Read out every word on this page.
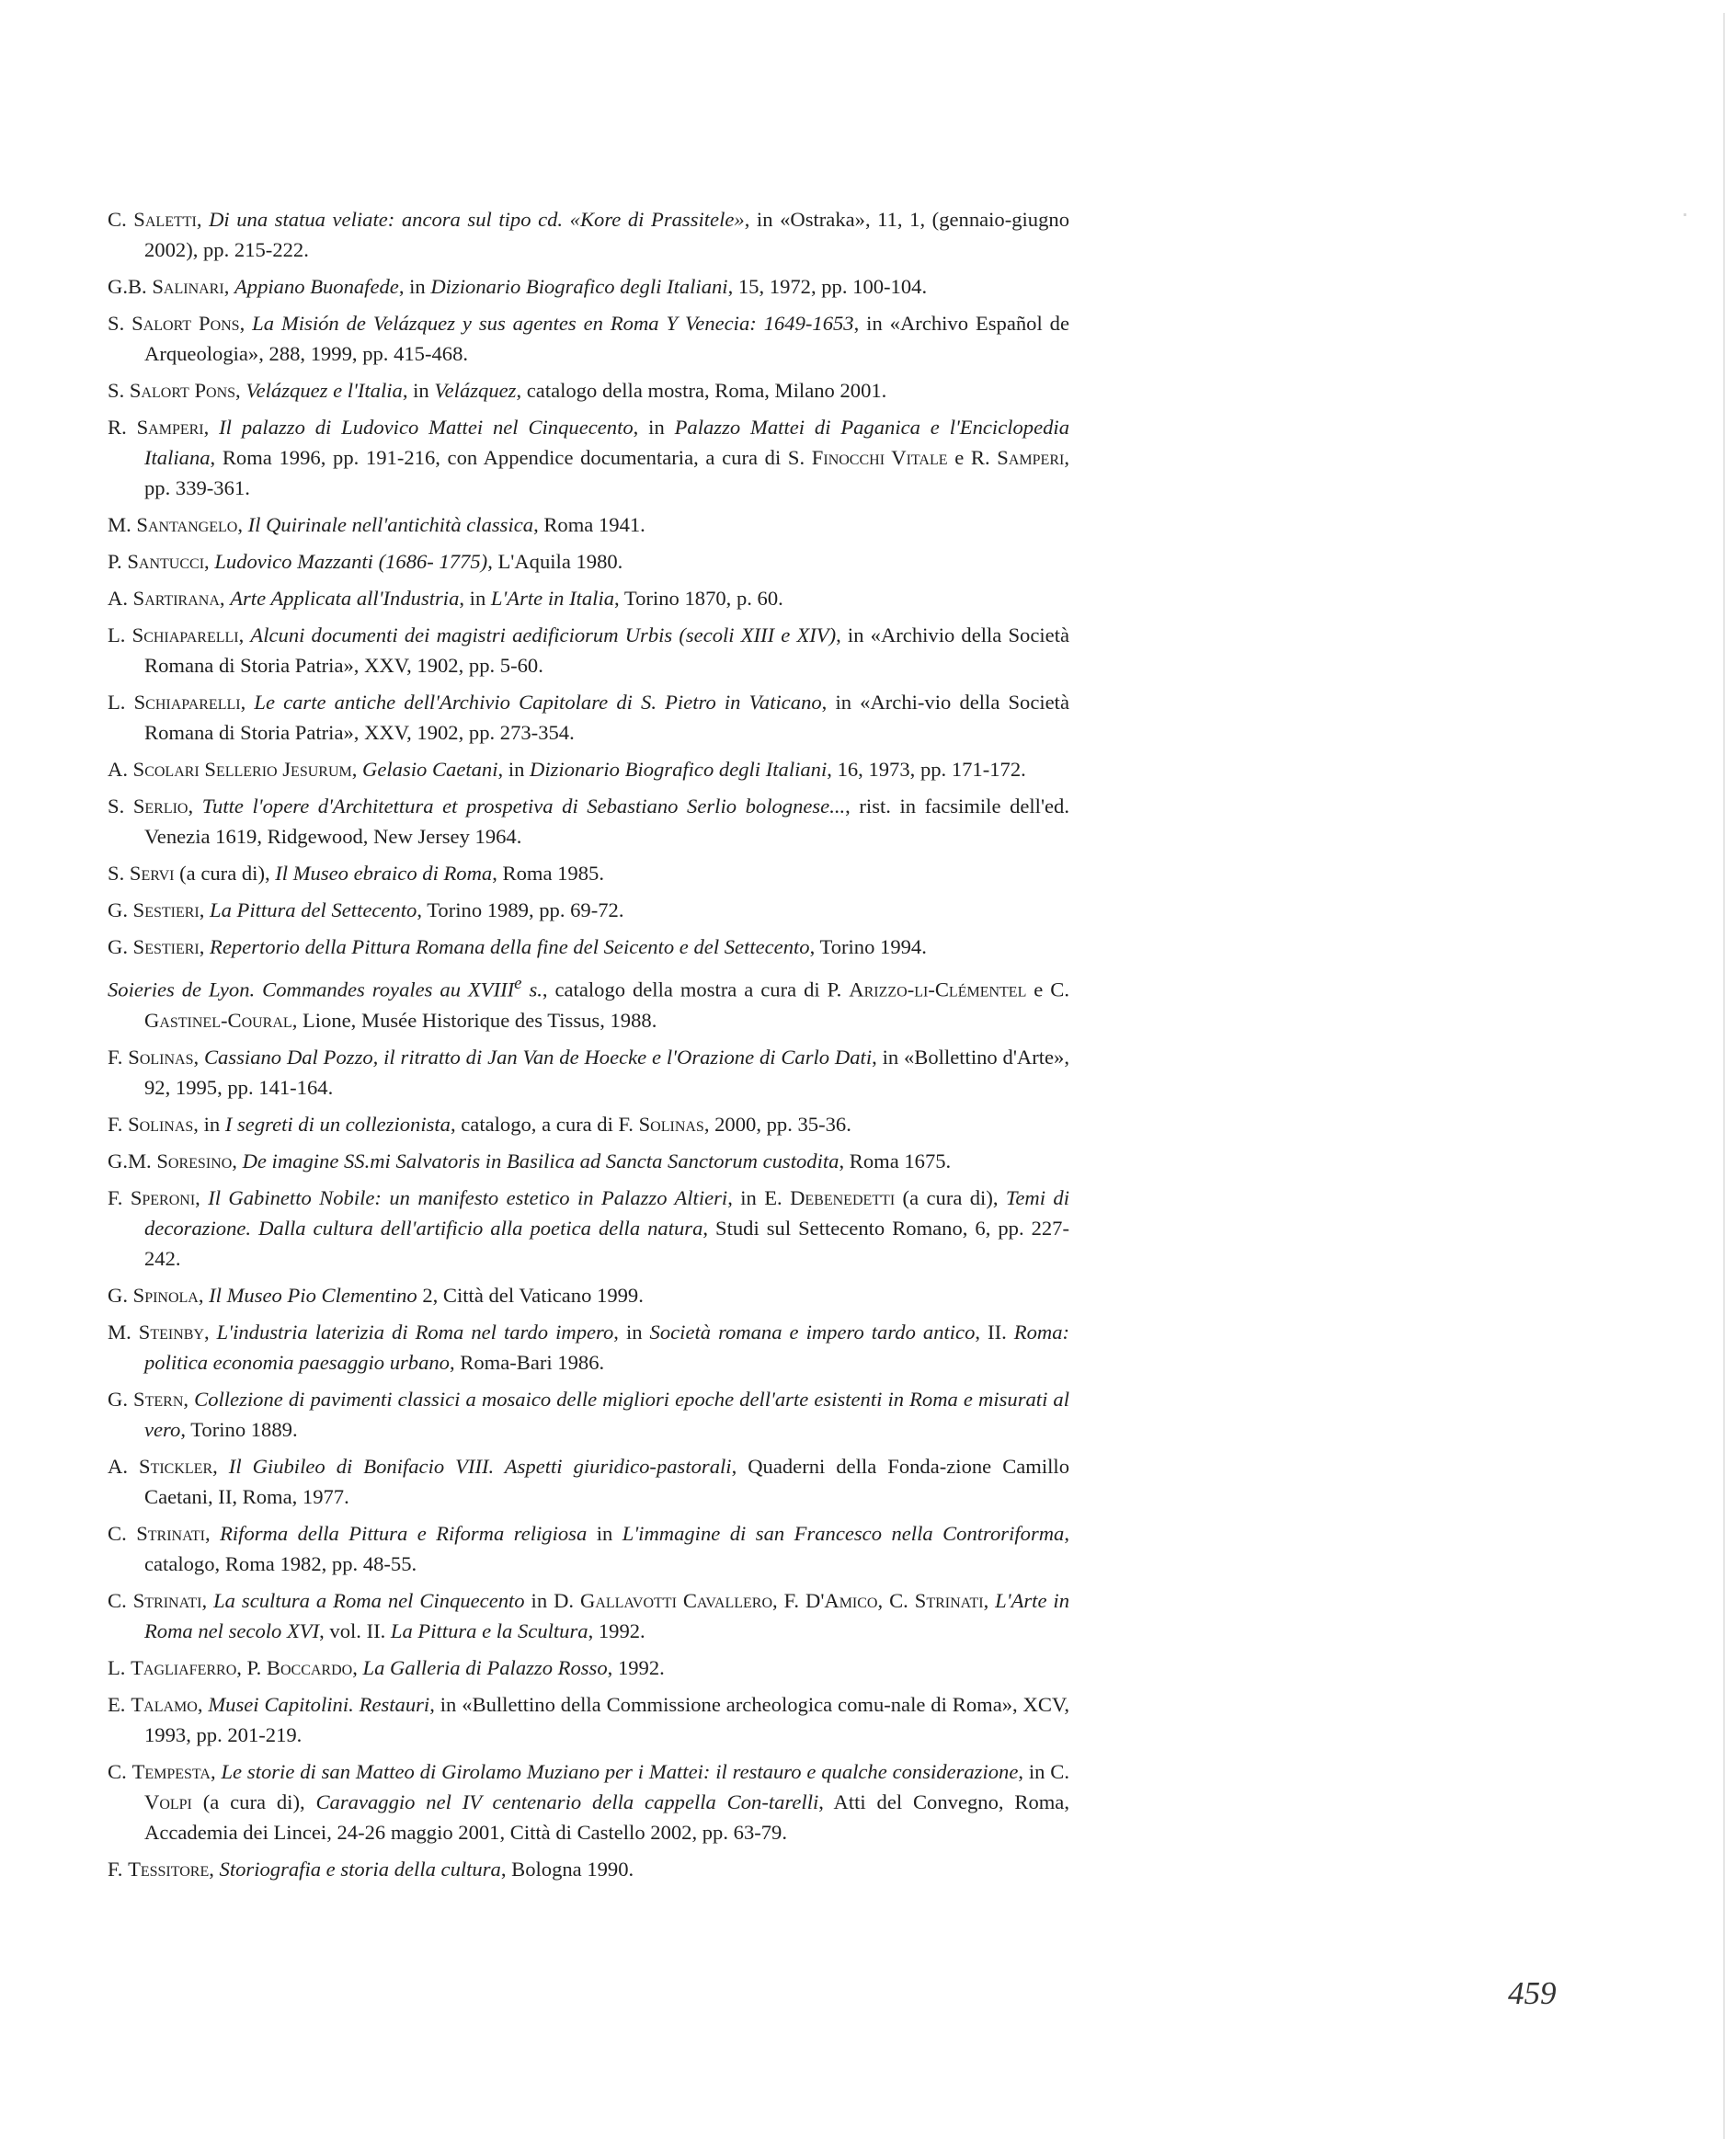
C. Saletti, Di una statua veliate: ancora sul tipo cd. «Kore di Prassitele», in «Ostraka», 11, 1, (gennaio-giugno 2002), pp. 215-222.

G.B. Salinari, Appiano Buonafede, in Dizionario Biografico degli Italiani, 15, 1972, pp. 100-104.

S. Salort Pons, La Misión de Velázquez y sus agentes en Roma Y Venecia: 1649-1653, in «Archivo Español de Arqueologia», 288, 1999, pp. 415-468.

S. Salort Pons, Velázquez e l'Italia, in Velázquez, catalogo della mostra, Roma, Milano 2001.

R. Samperi, Il palazzo di Ludovico Mattei nel Cinquecento, in Palazzo Mattei di Paganica e l'Enciclopedia Italiana, Roma 1996, pp. 191-216, con Appendice documentaria, a cura di S. Finocchi Vitale e R. Samperi, pp. 339-361.

M. Santangelo, Il Quirinale nell'antichità classica, Roma 1941.

P. Santucci, Ludovico Mazzanti (1686- 1775), L'Aquila 1980.

A. Sartirana, Arte Applicata all'Industria, in L'Arte in Italia, Torino 1870, p. 60.

L. Schiaparelli, Alcuni documenti dei magistri aedificiorum Urbis (secoli XIII e XIV), in «Archivio della Società Romana di Storia Patria», XXV, 1902, pp. 5-60.

L. Schiaparelli, Le carte antiche dell'Archivio Capitolare di S. Pietro in Vaticano, in «Archi-vio della Società Romana di Storia Patria», XXV, 1902, pp. 273-354.

A. Scolari Sellerio Jesurum, Gelasio Caetani, in Dizionario Biografico degli Italiani, 16, 1973, pp. 171-172.

S. Serlio, Tutte l'opere d'Architettura et prospetiva di Sebastiano Serlio bolognese..., rist. in facsimile dell'ed. Venezia 1619, Ridgewood, New Jersey 1964.

S. Servi (a cura di), Il Museo ebraico di Roma, Roma 1985.

G. Sestieri, La Pittura del Settecento, Torino 1989, pp. 69-72.

G. Sestieri, Repertorio della Pittura Romana della fine del Seicento e del Settecento, Torino 1994.

Soieries de Lyon. Commandes royales au XVIIIe s., catalogo della mostra a cura di P. Arizzo-li-Clémentel e C. Gastinel-Coural, Lione, Musée Historique des Tissus, 1988.

F. Solinas, Cassiano Dal Pozzo, il ritratto di Jan Van de Hoecke e l'Orazione di Carlo Dati, in «Bollettino d'Arte», 92, 1995, pp. 141-164.

F. Solinas, in I segreti di un collezionista, catalogo, a cura di F. Solinas, 2000, pp. 35-36.

G.M. Soresino, De imagine SS.mi Salvatoris in Basilica ad Sancta Sanctorum custodita, Roma 1675.

F. Speroni, Il Gabinetto Nobile: un manifesto estetico in Palazzo Altieri, in E. Debenedetti (a cura di), Temi di decorazione. Dalla cultura dell'artificio alla poetica della natura, Studi sul Settecento Romano, 6, pp. 227-242.

G. Spinola, Il Museo Pio Clementino 2, Città del Vaticano 1999.

M. Steinby, L'industria laterizia di Roma nel tardo impero, in Società romana e impero tardo antico, II. Roma: politica economia paesaggio urbano, Roma-Bari 1986.

G. Stern, Collezione di pavimenti classici a mosaico delle migliori epoche dell'arte esistenti in Roma e misurati al vero, Torino 1889.

A. Stickler, Il Giubileo di Bonifacio VIII. Aspetti giuridico-pastorali, Quaderni della Fonda-zione Camillo Caetani, II, Roma, 1977.

C. Strinati, Riforma della Pittura e Riforma religiosa in L'immagine di san Francesco nella Controriforma, catalogo, Roma 1982, pp. 48-55.

C. Strinati, La scultura a Roma nel Cinquecento in D. Gallavotti Cavallero, F. D'Amico, C. Strinati, L'Arte in Roma nel secolo XVI, vol. II. La Pittura e la Scultura, 1992.

L. Tagliaferro, P. Boccardo, La Galleria di Palazzo Rosso, 1992.

E. Talamo, Musei Capitolini. Restauri, in «Bullettino della Commissione archeologica comu-nale di Roma», XCV, 1993, pp. 201-219.

C. Tempesta, Le storie di san Matteo di Girolamo Muziano per i Mattei: il restauro e qualche considerazione, in C. Volpi (a cura di), Caravaggio nel IV centenario della cappella Con-tarelli, Atti del Convegno, Roma, Accademia dei Lincei, 24-26 maggio 2001, Città di Castello 2002, pp. 63-79.

F. Tessitore, Storiografia e storia della cultura, Bologna 1990.

459
